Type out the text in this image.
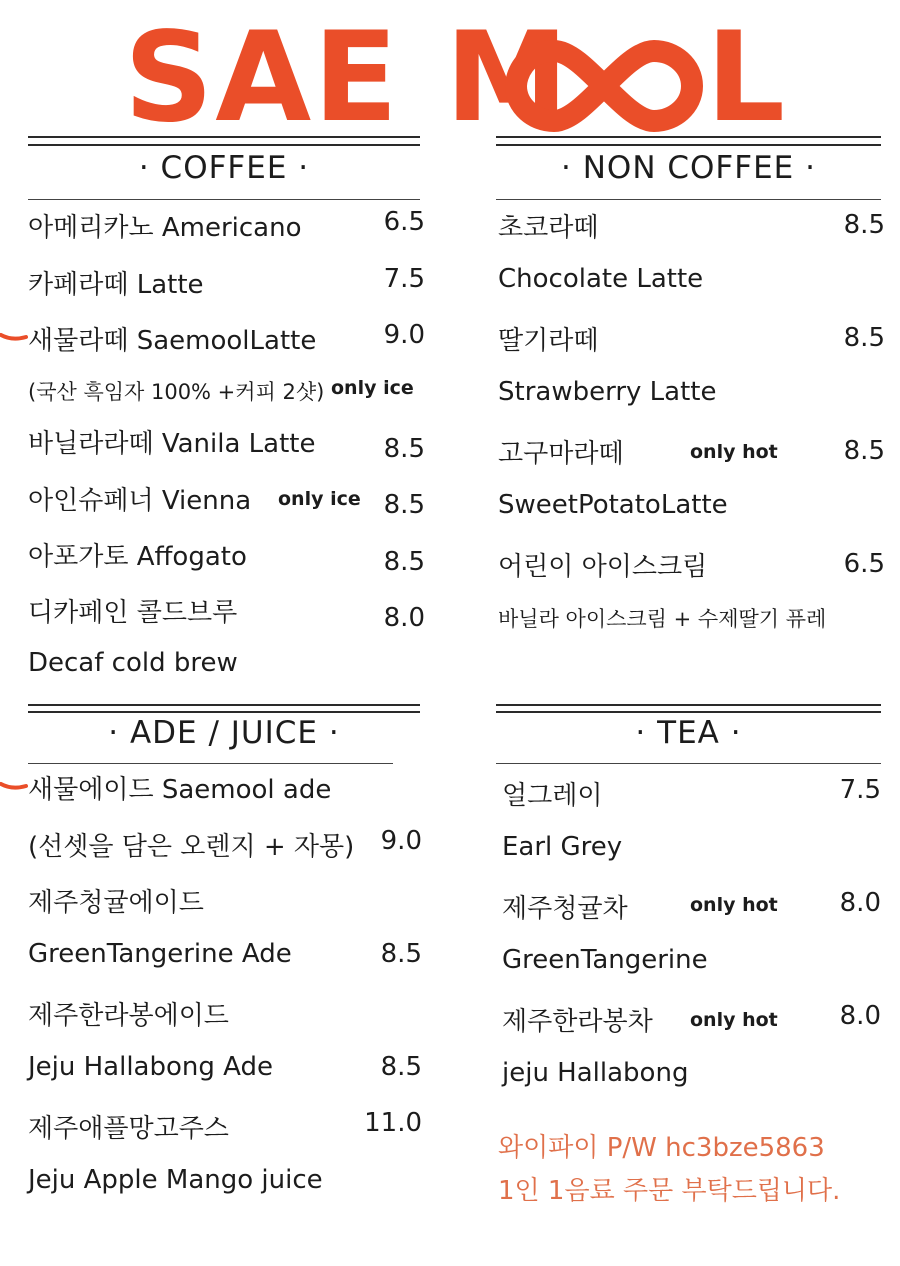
SAE M L
· COFFEE ·
아메리카노 Americano	6.5
카페라떼 Latte	7.5
새물라떼 SaemoolLatte	9.0
(국산 흑임자 100% +커피 2샷) only ice
바닐라라떼 Vanila Latte	8.5
아인슈페너 Vienna only ice 8.5
아포가토 Affogato	8.5
디카페인 콜드브루	8.0
Decaf cold brew
· NON COFFEE ·
초코라떼	8.5
Chocolate Latte
딸기라떼	8.5
Strawberry Latte
고구마라떼	only hot	8.5
SweetPotatoLatte
어린이 아이스크림	6.5
바닐라 아이스크림 + 수제딸기 퓨레
· ADE / JUICE ·
새물에이드 Saemool ade
(선셋을 담은 오렌지 + 자몽) 9.0
제주청귤에이드
GreenTangerine Ade	8.5
제주한라봉에이드
Jeju Hallabong Ade	8.5
제주애플망고주스	11.0
Jeju Apple Mango juice
· TEA ·
얼그레이	7.5
Earl Grey
제주청귤차	only hot 8.0
GreenTangerine
제주한라봉차 only hot 8.0
jeju Hallabong
와이파이 P/W hc3bze5863
1인 1음료 주문 부탁드립니다.
